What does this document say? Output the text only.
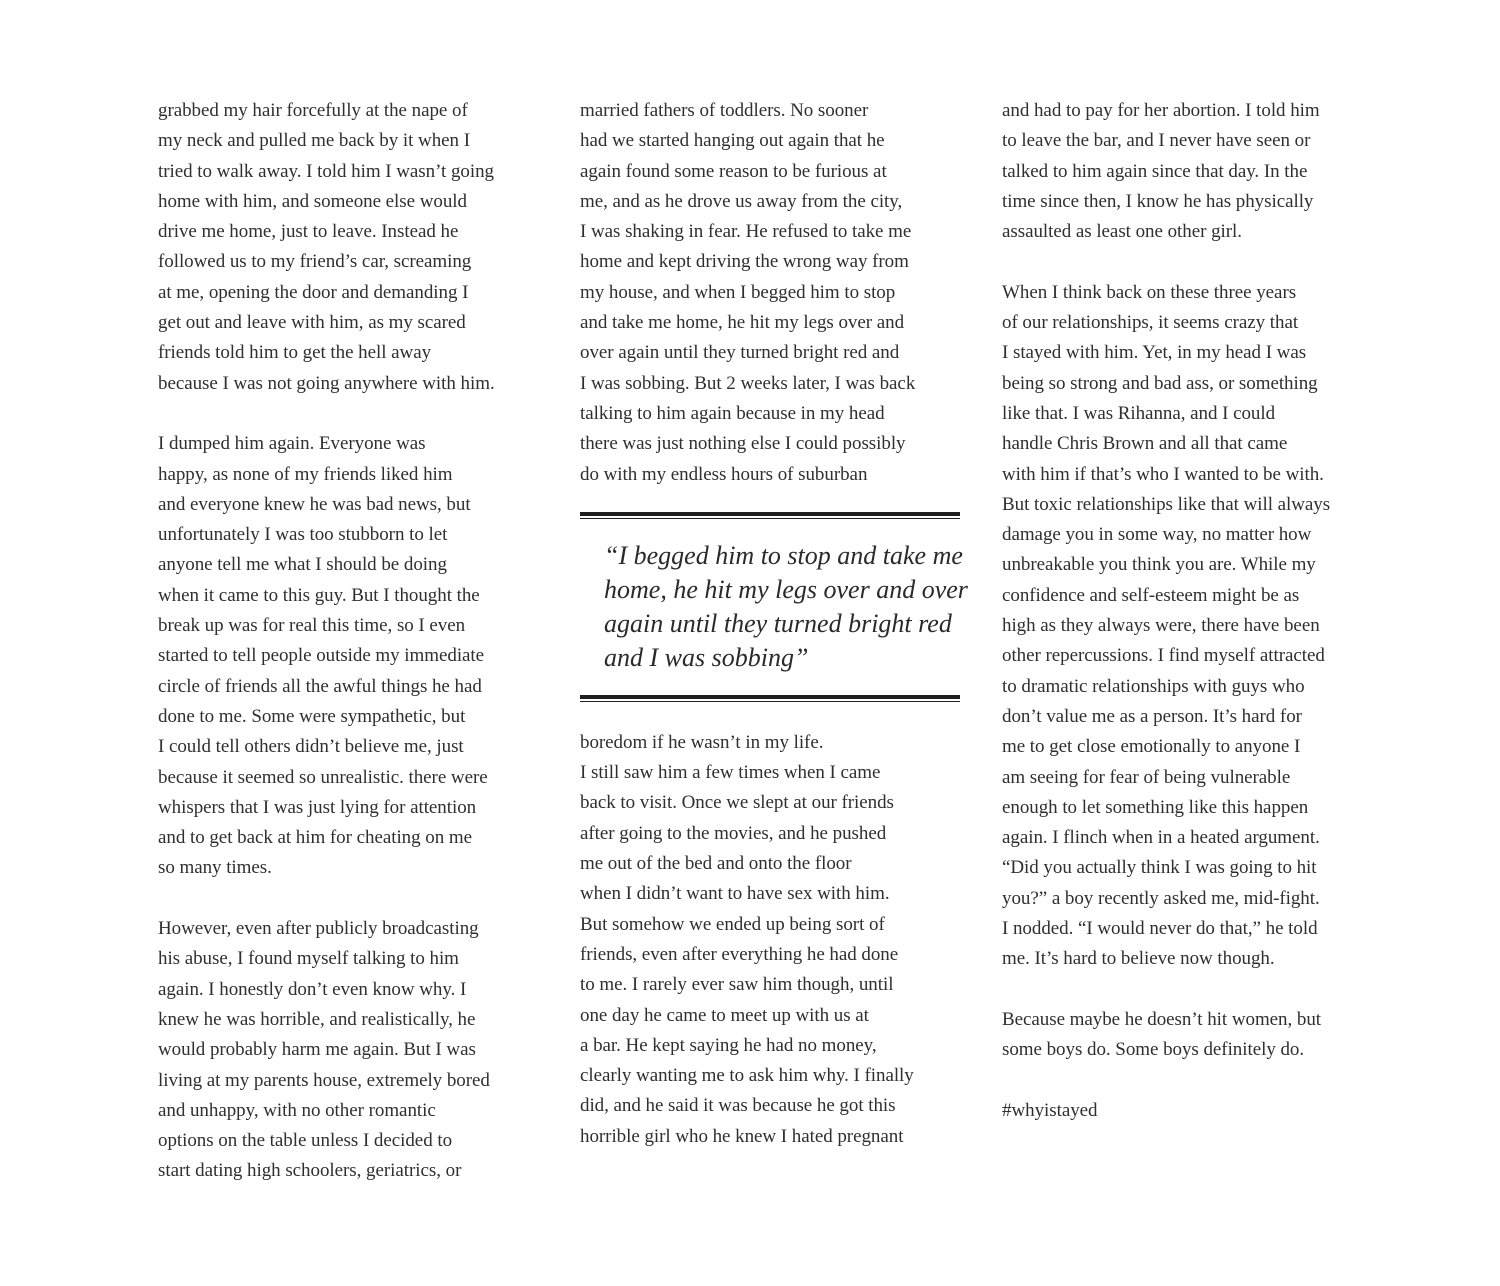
grabbed my hair forcefully at the nape of
my neck and pulled me back by it when I
tried to walk away. I told him I wasn’t going
home with him, and someone else would
drive me home, just to leave. Instead he
followed us to my friend’s car, screaming
at me, opening the door and demanding I
get out and leave with him, as my scared
friends told him to get the hell away
because I was not going anywhere with him.
I dumped him again. Everyone was
happy, as none of my friends liked him
and everyone knew he was bad news, but
unfortunately I was too stubborn to let
anyone tell me what I should be doing
when it came to this guy. But I thought the
break up was for real this time, so I even
started to tell people outside my immediate
circle of friends all the awful things he had
done to me. Some were sympathetic, but
I could tell others didn’t believe me, just
because it seemed so unrealistic. there were
whispers that I was just lying for attention
and to get back at him for cheating on me
so many times.
However, even after publicly broadcasting
his abuse, I found myself talking to him
again. I honestly don’t even know why. I
knew he was horrible, and realistically, he
would probably harm me again. But I was
living at my parents house, extremely bored
and unhappy, with no other romantic
options on the table unless I decided to
start dating high schoolers, geriatrics, or
married fathers of toddlers. No sooner
had we started hanging out again that he
again found some reason to be furious at
me, and as he drove us away from the city,
I was shaking in fear. He refused to take me
home and kept driving the wrong way from
my house, and when I begged him to stop
and take me home, he hit my legs over and
over again until they turned bright red and
I was sobbing. But 2 weeks later, I was back
talking to him again because in my head
there was just nothing else I could possibly
do with my endless hours of suburban
“I begged him to stop and take me
home, he hit my legs over and over
again until they turned bright red
and I was sobbing”
boredom if he wasn’t in my life.
I still saw him a few times when I came
back to visit. Once we slept at our friends
after going to the movies, and he pushed
me out of the bed and onto the floor
when I didn’t want to have sex with him.
But somehow we ended up being sort of
friends, even after everything he had done
to me. I rarely ever saw him though, until
one day he came to meet up with us at
a bar. He kept saying he had no money,
clearly wanting me to ask him why. I finally
did, and he said it was because he got this
horrible girl who he knew I hated pregnant
and had to pay for her abortion. I told him
to leave the bar, and I never have seen or
talked to him again since that day. In the
time since then, I know he has physically
assaulted as least one other girl.
When I think back on these three years
of our relationships, it seems crazy that
I stayed with him. Yet, in my head I was
being so strong and bad ass, or something
like that. I was Rihanna, and I could
handle Chris Brown and all that came
with him if that’s who I wanted to be with.
But toxic relationships like that will always
damage you in some way, no matter how
unbreakable you think you are. While my
confidence and self-esteem might be as
high as they always were, there have been
other repercussions. I find myself attracted
to dramatic relationships with guys who
don’t value me as a person. It’s hard for
me to get close emotionally to anyone I
am seeing for fear of being vulnerable
enough to let something like this happen
again. I flinch when in a heated argument.
“Did you actually think I was going to hit
you?” a boy recently asked me, mid-fight.
I nodded. “I would never do that,” he told
me. It’s hard to believe now though.
Because maybe he doesn’t hit women, but
some boys do. Some boys definitely do.
#whyistayed
